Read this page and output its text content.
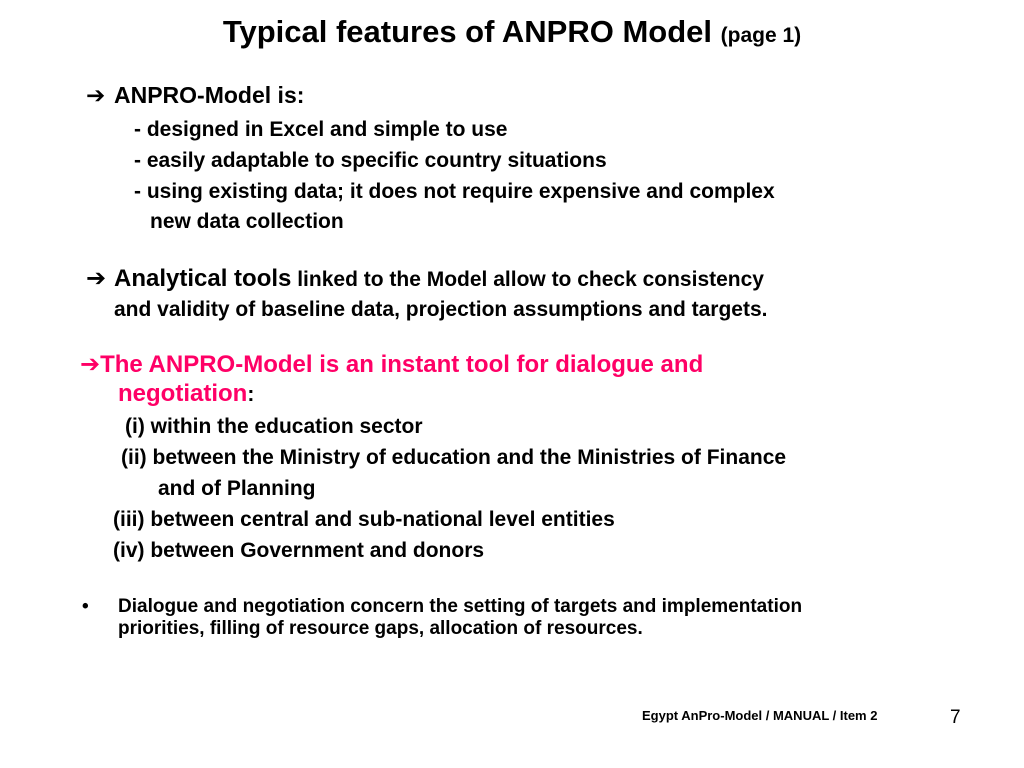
Typical features of ANPRO Model (page 1)
➔ ANPRO-Model is:
- designed in Excel and simple to use
- easily adaptable to specific country situations
- using existing data; it does not require expensive and complex
new data collection
➔ Analytical tools linked to the Model allow to check consistency
and validity of baseline data, projection assumptions and targets.
➔The ANPRO-Model is an instant tool for dialogue and
negotiation:
(i) within the education sector
(ii) between the Ministry of education and the Ministries of Finance
and of Planning
(iii) between central and sub-national level entities
(iv) between Government and donors
• Dialogue and negotiation concern the setting of targets and implementation
priorities, filling of resource gaps, allocation of resources.
Egypt AnPro-Model / MANUAL / Item 2	7
